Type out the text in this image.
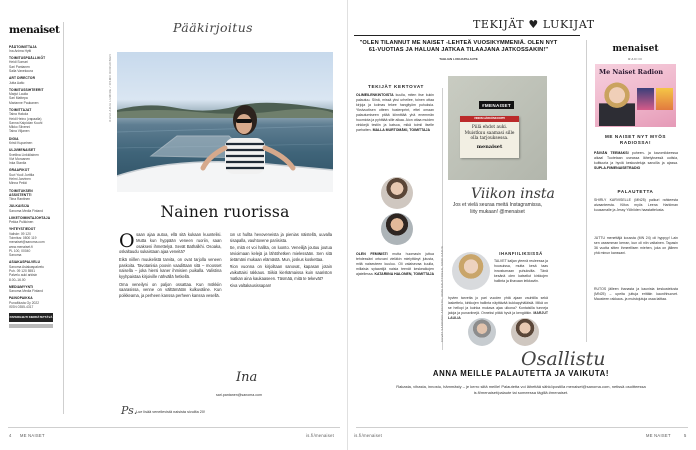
menaiset
PÄÄTOIMITTAJA
Ina Anima Hytti
TOIMITUSPÄÄLLIKÖT
Heidi Somari
Sari Pantanen
Saila Vanekoura
ART DIRECTOR
Jutta Aalto
TOIMITUSSIHTEERIT
Marjut Laulia
Sari Mattepa
Marianne Paukanen
TOIMITTAJAT
Taina Hakola
Heidi Heino (vapaalla)
Sanna Kaipiolan Kuuhi
Mikko Silvenni
Taina Viljanen
DIGIA
Kristi Kuparinen
ULJI/MENAISET
Svetlina Linkkilainen
Vivi Moroanen
Inka Stanila
GRAAFIKOT
Suvi Yuuli Jurttila
Helmi Jarvinen
Minna Pekki
TOIMITUKSEN ASSISTENTTI
Tiina Rantinen
JULKAISIJA
Sanoma Media Finland
LIIKETOIMINTAJOHTAJA
Pekka Pulkkinen
YHTEYSTIEDOT
Vaihde: 09 120
Toimitus: 0800 119
menaiset@sanoma.com
www.menaiset.fi
PL 100, 00040
Sanoma
ASIAKASPALVELU
Sanoma Asiakaspalvelu
Puh. 09 120 5551
Palvelu auki arkisin
8.00–16.00
MEDIAMYYNTI
Sanoma Media Finland
PAINOPAIKKA
PunaMusta Oy 2022
ISSN 0355-4317
PAPERILEHTI KIERRÄTETTÄVÄ
Pääkirjoitus
KUVA ARJA LUMIRE / OSMO KORHONEN
Nainen ruorissa
O saan ajaa autoa, ellä sitä kukaan kuuntelisi. Mutta kun hyppään veneen ruoriin, saan osakseni ihmettelyä. Sevät Bathalkhi. Osoaka, oskaltaudu sukaistaan ajaa veneitä?

Eikä niillen muukelistä tarvita, on ovat tarjolla veneen paskoita. Tavotanisia poovin vaadittaan sitä – moosset naisella – joka hiersi kaner ihmisien puikalla. Valistina kyyhpaistaa kirjoiville nähvällä hetkellä.

Oma veneilyni on paljon ossattaa. Kun mökkiin saarasissa, venne on välttämätön kulkuväline. Kun poikkeama, ja perheen kanssa perheen kanssa vesellä.

ton ut hullta hevoveneista ja pienias näistellä, uuvalla sisapalla, vauhtovene pariisista.

Se, mitä et voi hallita, on luonto. Veneilijä joutuu joutua arvioimaan kelejä ja lähtöhetken mielessään. Sen sitä tietämäni mukaan elämästä. Mun, joskus koskettaa.

Rion vuonna on kirjoiltaan sanovat, kapasan jotain vaikuttaisi rakkaus. Siikiä kierkämaissa kuin saariston matkan aina kaukaaseen. Täsmää, mitä te tekevät?

Kiva valtakausissapan!

Ina
sari.pantanen@sanoma.com
Ps.
Lue lisää veneilevistä naisista sivuilta 20!
4 ME NAISET	is.fi/menaiset
TEKIJÄT ♥ LUKIJAT
"OLEN TILANNUT ME NAISET -LEHTEÄ VUOSIKYMMENIÄ. OLEN NYT 61-VUOTIAS JA HALUAN JATKAA TILAAJANA JATKOSSAKIN!"
TAHLIAN LUKIJAPALAUTE
TEKIJÄT KERTOVAT
OLIMEILENKINTOISTA kuulla, miten itse kukin palautuu. Siinä, missä yksi urheilee, toinen ottaa kirjoja ja kolmas tekee hangityöm puhuksia. Yksivuotisen otteen hustenprint, ettei omaan palautumiseen pitää kiinnittää yhä enemmän huomiota ja pyhittää sille aikaa. Aion ottaa muiden vinkkejä testiin ja katsoa, mikä toimii itselle parhaiten. MALLA MURTOMÄKI, TOIMITTAJA
OLEN FEMINISTI mutta huomasin juttua tehdessäni ortuvani vieläkin mielyttänyt jutusta, mitä naiseuteen kuuluu. Oli valaisevaa kuulla, millaisia sytaantijä naisia teenät keskeaikojen ajatellessa. KATARIINA HALONEN, TOIMITTAJA KUVAT SANOMAN ARKISTO, IRMA KAUTTONEN, MARI KARJA
#MENAISET
VINKIN HÄRKÖNKOOPPI
Piilä ehdot auki. Muistkuu saamasi sille olla tarjouksessa.
menaiset
Viikon insta
Jos et vielä seuraa meitä Instagramissa, liity mukaan! @menaiset
IHANFIILIKSISSÄ
TALVET kaljan yleenä reuleessa ja housuissa, mutta kesä taas innostumaan puhuksilta. Tänä kesänä olen katsellut kirkkojen hallinta ja lihavaan leikkaviin.
hyvien tarvetta jo pari vuoden yhtä ajaan vauhtilla sekä laskettelu, kirkkojen hallinta näyttävää kukkapyhäläisiä. Mikä on se hellopi ja kuinka mukava ajaa ulkona? Kontaisilla tunneja jaloja ja punaviinejä. Onneksi pitää hyvä ja kengätkin. MARJUT LAULIA
menaiset
RADIO
Me Naiset Radion
ME NAISET NYT MYÖS RADIOSSA!
PÄIVÄN TEEMAKSI puheen- ja kavomikkeessa aikaa! Tuotetaan useassa lähetyksessä uutisia, kulttuuria ja hyviä keskusteluja sanoilla ja ajassa. SUPLA.FI/MENAISETRADIO
PALAUTETTA
SHIRLY KARVISELLE (MN25) paikuri rahkeesta aivaanteesta. Kiitos myös Leena Harkiman kuusamalle ja Jessy Ylöhiiden haastattelusta.
JUTTU menettäjä koussta (MN 24) oli hyppyy! Lain sen useamman kerran, kun oli niin valtainen. Tapasin 36 vuotta sitten ihmeellisen miehen, joka on jälleen yhä minun kanssani.
RUTOS jälleen ihanasta ja kaunista keskustelusta (MN25) – upeita juttuja erittäin kaunihhuovet. Mausteen rakkaus- ja muistojutuja osaa laittaa.
Osallistu
ANNA MEILLE PALAUTETTA JA VAIKUTA!
Rakasta, vihasta, innostu, hämmästy – je kerro siitä meille! Palautetta voi lähettää sähköpostilla menaiset@sanoma.com, netissä osoitteessa is.fi/menaiset/palaute tai someessa tägillä #menaiset.
is.fi/menaiset	ME NAISET	5
